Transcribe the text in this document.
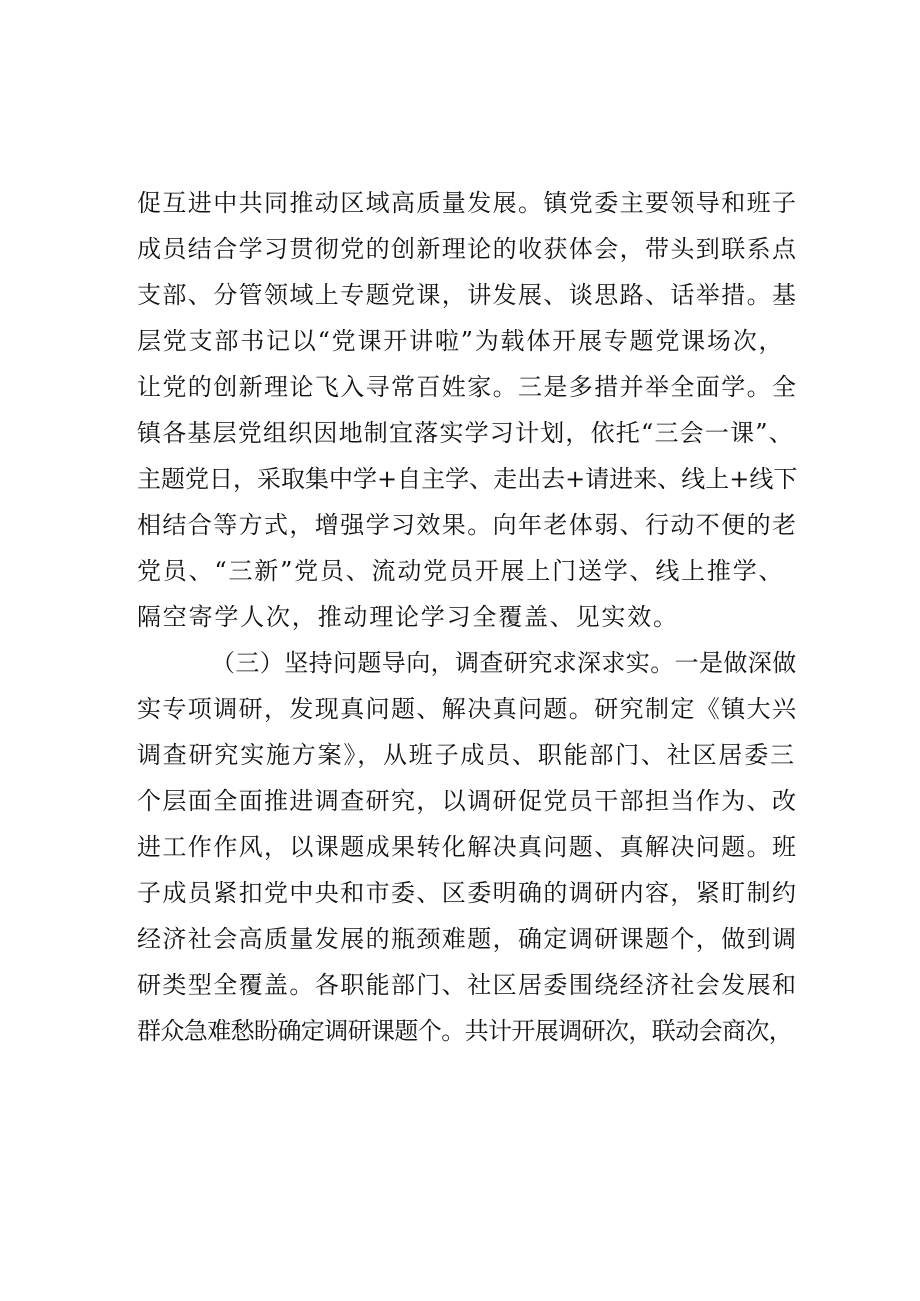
促互进中共同推动区域高质量发展。镇党委主要领导和班子
成员结合学习贯彻党的创新理论的收获体会，带头到联系点
支部、分管领域上专题党课，讲发展、谈思路、话举措。基
层党支部书记以“党课开讲啦”为载体开展专题党课场次，
让党的创新理论飞入寻常百姓家。三是多措并举全面学。全
镇各基层党组织因地制宜落实学习计划，依托“三会一课”、
主题党日，采取集中学+自主学、走出去+请进来、线上+线下
相结合等方式，增强学习效果。向年老体弱、行动不便的老
党员、“三新”党员、流动党员开展上门送学、线上推学、
隔空寄学人次，推动理论学习全覆盖、见实效。
（三）坚持问题导向，调查研究求深求实。一是做深做
实专项调研，发现真问题、解决真问题。研究制定《镇大兴
调查研究实施方案》，从班子成员、职能部门、社区居委三
个层面全面推进调查研究，以调研促党员干部担当作为、改
进工作作风，以课题成果转化解决真问题、真解决问题。班
子成员紧扣党中央和市委、区委明确的调研内容，紧盯制约
经济社会高质量发展的瓶颈难题，确定调研课题个，做到调
研类型全覆盖。各职能部门、社区居委围绕经济社会发展和
群众急难愁盼确定调研课题个。共计开展调研次，联动会商次，
